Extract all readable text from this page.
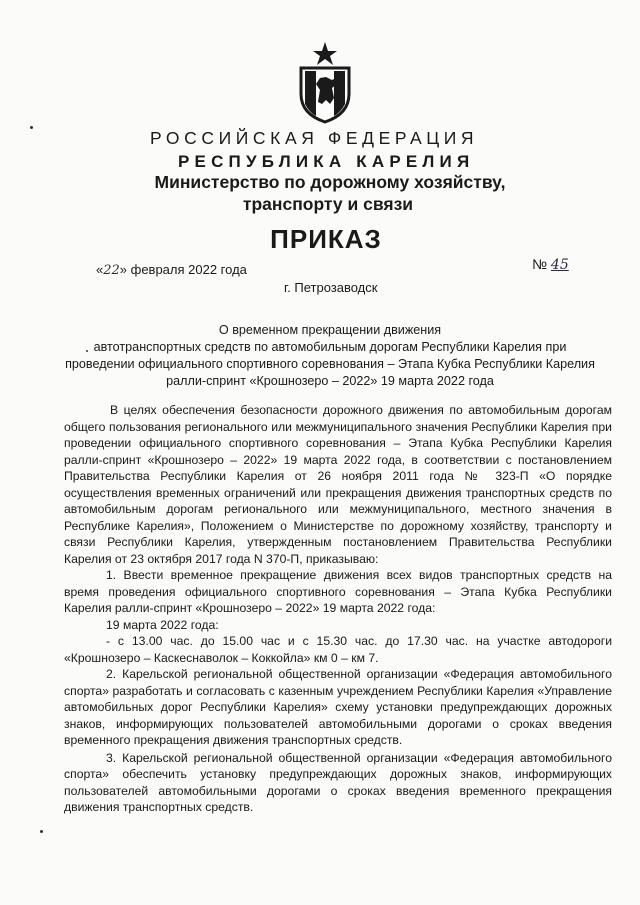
РОССИЙСКАЯ ФЕДЕРАЦИЯ
РЕСПУБЛИКА КАРЕЛИЯ
Министерство по дорожному хозяйству,
транспорту и связи
ПРИКАЗ
«22» февраля 2022 года	№ 45
г. Петрозаводск
О временном прекращении движения
автотранспортных средств по автомобильным дорогам Республики Карелия при
проведении официального спортивного соревнования – Этапа Кубка Республики Карелия
ралли-спринт «Крошнозеро – 2022» 19 марта 2022 года

В целях обеспечения безопасности дорожного движения по автомобильным дорогам общего пользования регионального или межмуниципального значения Республики Карелия при проведении официального спортивного соревнования – Этапа Кубка Республики Карелия ралли-спринт «Крошнозеро – 2022» 19 марта 2022 года, в соответствии с постановлением Правительства Республики Карелия от 26 ноября 2011 года № 323-П «О порядке осуществления временных ограничений или прекращения движения транспортных средств по автомобильным дорогам регионального или межмуниципального, местного значения в Республике Карелия», Положением о Министерстве по дорожному хозяйству, транспорту и связи Республики Карелия, утвержденным постановлением Правительства Республики Карелия от 23 октября 2017 года N 370-П, приказываю:

1. Ввести временное прекращение движения всех видов транспортных средств на время проведения официального спортивного соревнования – Этапа Кубка Республики Карелия ралли-спринт «Крошнозеро – 2022» 19 марта 2022 года:

19 марта 2022 года:

- с 13.00 час. до 15.00 час и с 15.30 час. до 17.30 час. на участке автодороги «Крошнозеро – Каскеснаволок – Коккойла» км 0 – км 7.

2. Карельской региональной общественной организации «Федерация автомобильного спорта» разработать и согласовать с казенным учреждением Республики Карелия «Управление автомобильных дорог Республики Карелия» схему установки предупреждающих дорожных знаков, информирующих пользователей автомобильными дорогами о сроках введения временного прекращения движения транспортных средств.

3. Карельской региональной общественной организации «Федерация автомобильного спорта» обеспечить установку предупреждающих дорожных знаков, информирующих пользователей автомобильными дорогами о сроках введения временного прекращения движения транспортных средств.
